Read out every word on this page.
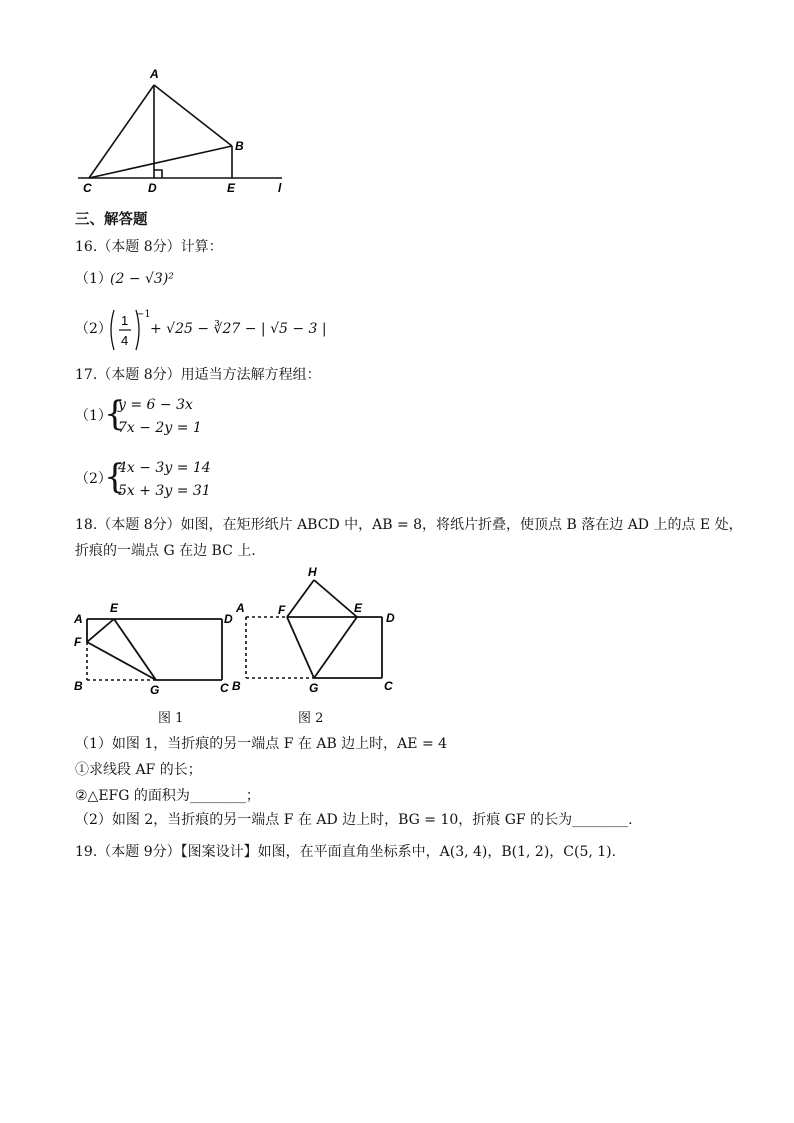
A
B
C	D	E	l
三、解答题
16.（本题 8分）计算：
（1）
(2 − √3)²
（2）
1
4
−1
+ √25 − ∛27 − | √5 − 3 |
17.（本题 8分）用适当方法解方程组：
（1）
{
y = 6 − 3x
7x − 2y = 1
（2）
{
4x − 3y = 14
5x + 3y = 31
18.（本题 8分）如图，在矩形纸片 ABCD 中，AB = 8，将纸片折叠，使顶点 B 落在边 AD 上的点 E 处，
折痕的一端点 G 在边 BC 上.
A
E
D
F
B	G	C
图 1
A
H
F	E
D
B	G	C
图 2
（1）如图 1，当折痕的另一端点 F 在 AB 边上时，AE = 4
①求线段 AF 的长；
②△EFG 的面积为________；
（2）如图 2，当折痕的另一端点 F 在 AD 边上时，BG = 10，折痕 GF 的长为________.
19.（本题 9分）【图案设计】如图，在平面直角坐标系中，A(3, 4)，B(1, 2)，C(5, 1).
